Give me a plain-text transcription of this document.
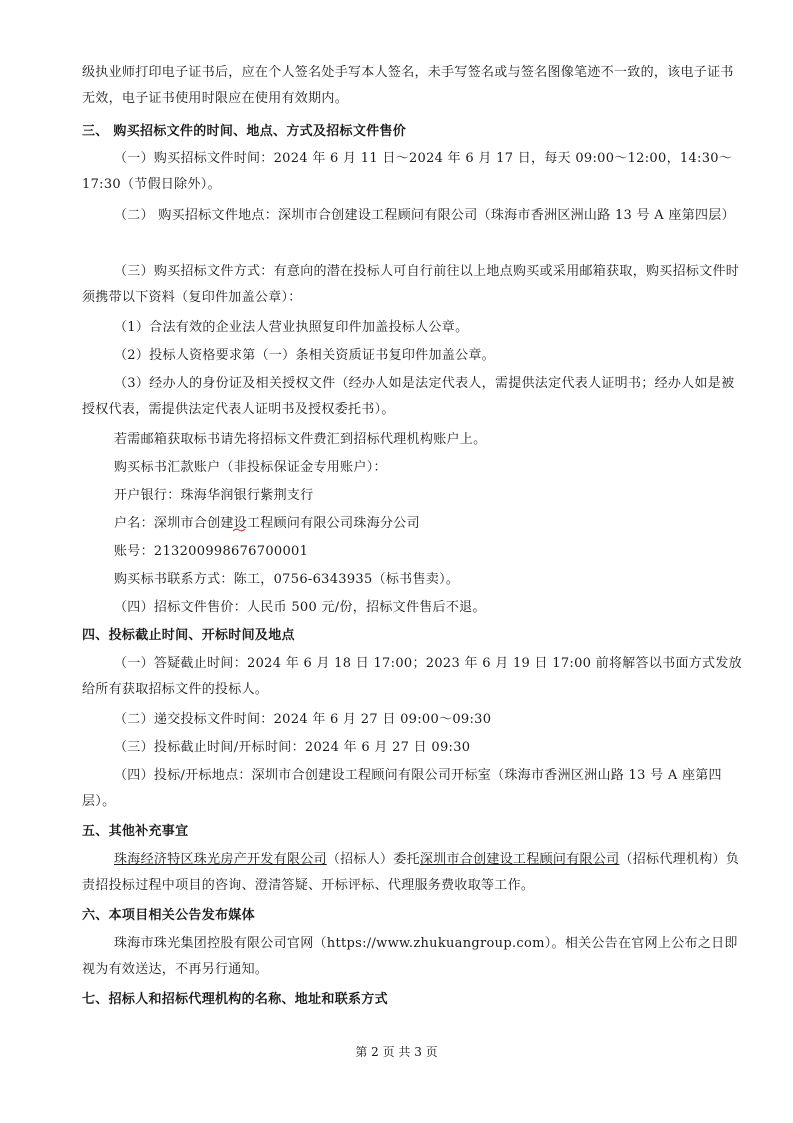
级执业师打印电子证书后，应在个人签名处手写本人签名，未手写签名或与签名图像笔迹不一致的，该电子证书无效，电子证书使用时限应在使用有效期内。

三、 购买招标文件的时间、地点、方式及招标文件售价

（一）购买招标文件时间：2024 年 6 月 11 日～2024 年 6 月 17 日，每天 09:00～12:00，14:30～17:30（节假日除外）。

（二） 购买招标文件地点：深圳市合创建设工程顾问有限公司（珠海市香洲区洲山路 13 号 A 座第四层）

（三）购买招标文件方式：有意向的潜在投标人可自行前往以上地点购买或采用邮箱获取，购买招标文件时须携带以下资料（复印件加盖公章）：

（1）合法有效的企业法人营业执照复印件加盖投标人公章。

（2）投标人资格要求第（一）条相关资质证书复印件加盖公章。

（3）经办人的身份证及相关授权文件（经办人如是法定代表人，需提供法定代表人证明书；经办人如是被授权代表，需提供法定代表人证明书及授权委托书）。

若需邮箱获取标书请先将招标文件费汇到招标代理机构账户上。

购买标书汇款账户（非投标保证金专用账户）：

开户银行：珠海华润银行紫荆支行

户名：深圳市合创建设工程顾问有限公司珠海分公司

账号：213200998676700001

购买标书联系方式：陈工，0756-6343935（标书售卖）。

（四）招标文件售价：人民币 500 元/份，招标文件售后不退。

四、投标截止时间、开标时间及地点

（一）答疑截止时间：2024 年 6 月 18 日 17:00；2023 年 6 月 19 日 17:00 前将解答以书面方式发放给所有获取招标文件的投标人。

（二）递交投标文件时间：2024 年 6 月 27 日 09:00～09:30

（三）投标截止时间/开标时间：2024 年 6 月 27 日 09:30

（四）投标/开标地点：深圳市合创建设工程顾问有限公司开标室（珠海市香洲区洲山路 13 号 A 座第四层）。

五、其他补充事宜

珠海经济特区珠光房产开发有限公司（招标人）委托深圳市合创建设工程顾问有限公司（招标代理机构）负责招投标过程中项目的咨询、澄清答疑、开标评标、代理服务费收取等工作。

六、本项目相关公告发布媒体

珠海市珠光集团控股有限公司官网（https://www.zhukuangroup.com）。相关公告在官网上公布之日即视为有效送达，不再另行通知。

七、招标人和招标代理机构的名称、地址和联系方式

第 2 页 共 3 页
